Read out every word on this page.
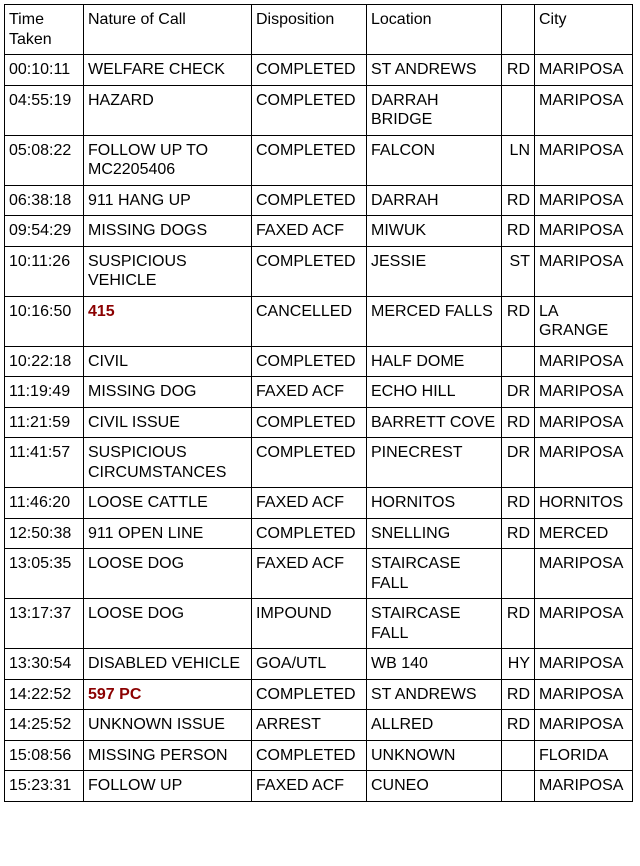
Time Taken	Nature of Call	Disposition	Location		City
00:10:11	WELFARE CHECK	COMPLETED	ST ANDREWS	RD	MARIPOSA
04:55:19	HAZARD	COMPLETED	DARRAH BRIDGE		MARIPOSA
05:08:22	FOLLOW UP TO MC2205406	COMPLETED	FALCON	LN	MARIPOSA
06:38:18	911 HANG UP	COMPLETED	DARRAH	RD	MARIPOSA
09:54:29	MISSING DOGS	FAXED ACF	MIWUK	RD	MARIPOSA
10:11:26	SUSPICIOUS VEHICLE	COMPLETED	JESSIE	ST	MARIPOSA
10:16:50	415	CANCELLED	MERCED FALLS	RD	LA GRANGE
10:22:18	CIVIL	COMPLETED	HALF DOME		MARIPOSA
11:19:49	MISSING DOG	FAXED ACF	ECHO HILL	DR	MARIPOSA
11:21:59	CIVIL ISSUE	COMPLETED	BARRETT COVE	RD	MARIPOSA
11:41:57	SUSPICIOUS CIRCUMSTANCES	COMPLETED	PINECREST	DR	MARIPOSA
11:46:20	LOOSE CATTLE	FAXED ACF	HORNITOS	RD	HORNITOS
12:50:38	911 OPEN LINE	COMPLETED	SNELLING	RD	MERCED
13:05:35	LOOSE DOG	FAXED ACF	STAIRCASE FALL		MARIPOSA
13:17:37	LOOSE DOG	IMPOUND	STAIRCASE FALL	RD	MARIPOSA
13:30:54	DISABLED VEHICLE	GOA/UTL	WB 140	HY	MARIPOSA
14:22:52	597 PC	COMPLETED	ST ANDREWS	RD	MARIPOSA
14:25:52	UNKNOWN ISSUE	ARREST	ALLRED	RD	MARIPOSA
15:08:56	MISSING PERSON	COMPLETED	UNKNOWN		FLORIDA
15:23:31	FOLLOW UP	FAXED ACF	CUNEO		MARIPOSA
